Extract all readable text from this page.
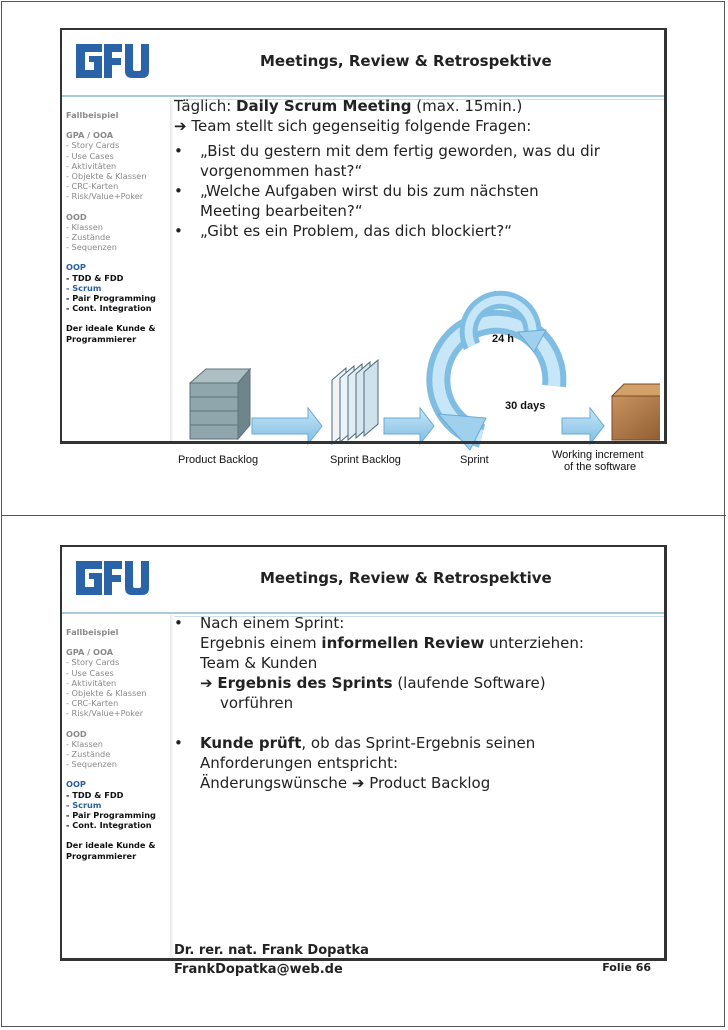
Meetings, Review & Retrospektive
Fallbeispiel
GPA / OOA
- Story Cards
- Use Cases
- Aktivitäten
- Objekte & Klassen
- CRC-Karten
- Risk/Value+Poker
OOD
- Klassen
- Zustände
- Sequenzen
OOP
- TDD & FDD
- Scrum
- Pair Programming
- Cont. Integration
Der ideale Kunde &
Programmierer
Täglich: Daily Scrum Meeting (max. 15min.)
➔ Team stellt sich gegenseitig folgende Fragen:
• „Bist du gestern mit dem fertig geworden, was du dir
vorgenommen hast?“
• „Welche Aufgaben wirst du bis zum nächsten
Meeting bearbeiten?“
• „Gibt es ein Problem, das dich blockiert?“
30 days
24 h
Product Backlog	Sprint Backlog	Sprint	Working increment
of the software
Meetings, Review & Retrospektive
Fallbeispiel
GPA / OOA
- Story Cards
- Use Cases
- Aktivitäten
- Objekte & Klassen
- CRC-Karten
- Risk/Value+Poker
OOD
- Klassen
- Zustände
- Sequenzen
OOP
- TDD & FDD
- Scrum
- Pair Programming
- Cont. Integration
Der ideale Kunde &
Programmierer
• Nach einem Sprint:
Ergebnis einem informellen Review unterziehen:
Team & Kunden
➔ Ergebnis des Sprints (laufende Software)
vorführen
• Kunde prüft, ob das Sprint-Ergebnis seinen
Anforderungen entspricht:
Änderungswünsche ➔ Product Backlog
Dr. rer. nat. Frank Dopatka
FrankDopatka@web.de	Folie 66
